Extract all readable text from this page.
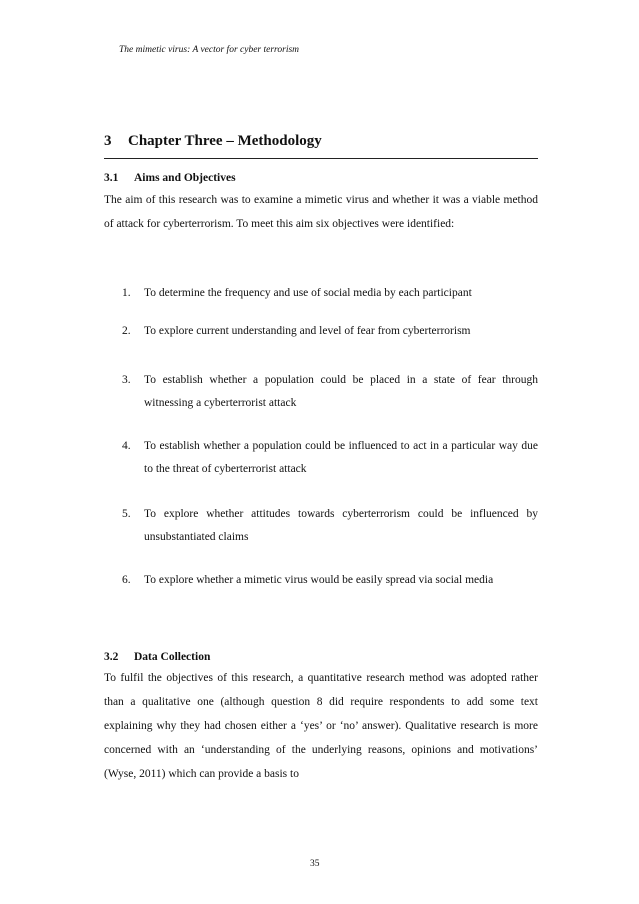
The mimetic virus: A vector for cyber terrorism
3 Chapter Three – Methodology
3.1 Aims and Objectives

The aim of this research was to examine a mimetic virus and whether it was a viable method of attack for cyberterrorism. To meet this aim six objectives were identified:

1. To determine the frequency and use of social media by each participant
2. To explore current understanding and level of fear from cyberterrorism
3. To establish whether a population could be placed in a state of fear through witnessing a cyberterrorist attack
4. To establish whether a population could be influenced to act in a particular way due to the threat of cyberterrorist attack
5. To explore whether attitudes towards cyberterrorism could be influenced by unsubstantiated claims
6. To explore whether a mimetic virus would be easily spread via social media
3.2 Data Collection

To fulfil the objectives of this research, a quantitative research method was adopted rather than a qualitative one (although question 8 did require respondents to add some text explaining why they had chosen either a ‘yes’ or ‘no’ answer). Qualitative research is more concerned with an ‘understanding of the underlying reasons, opinions and motivations’ (Wyse, 2011) which can provide a basis to

35
